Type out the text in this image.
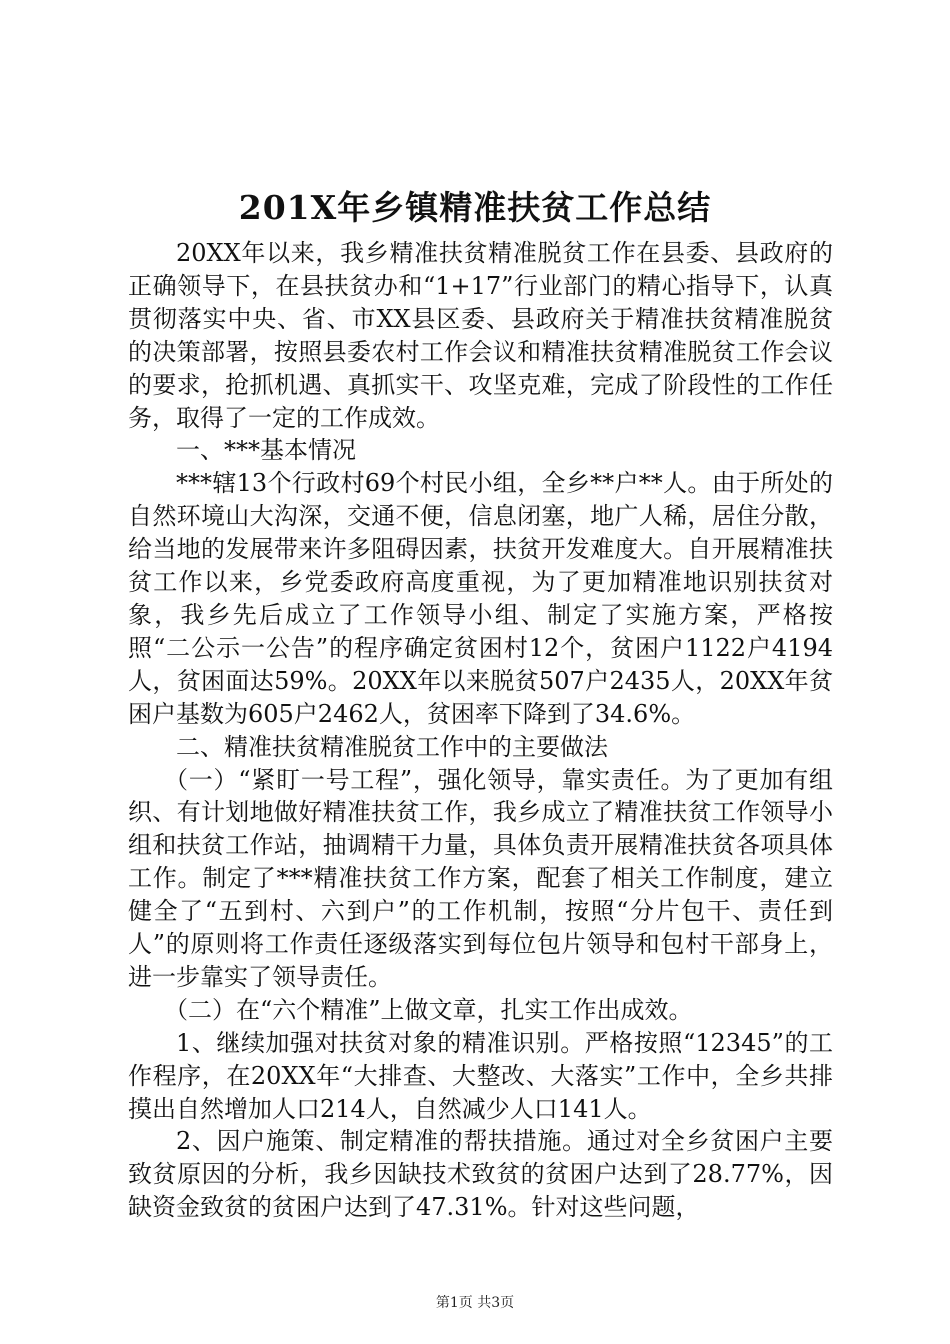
201X年乡镇精准扶贫工作总结

20XX年以来，我乡精准扶贫精准脱贫工作在县委、县政府的正确领导下，在县扶贫办和“1+17”行业部门的精心指导下，认真贯彻落实中央、省、市XX县区委、县政府关于精准扶贫精准脱贫的决策部署，按照县委农村工作会议和精准扶贫精准脱贫工作会议的要求，抢抓机遇、真抓实干、攻坚克难，完成了阶段性的工作任务，取得了一定的工作成效。

一、***基本情况

***辖13个行政村69个村民小组，全乡**户**人。由于所处的自然环境山大沟深，交通不便，信息闭塞，地广人稀，居住分散，给当地的发展带来许多阻碍因素，扶贫开发难度大。自开展精准扶贫工作以来，乡党委政府高度重视，为了更加精准地识别扶贫对象，我乡先后成立了工作领导小组、制定了实施方案，严格按照“二公示一公告”的程序确定贫困村12个，贫困户1122户4194人，贫困面达59%。20XX年以来脱贫507户2435人，20XX年贫困户基数为605户2462人，贫困率下降到了34.6%。

二、精准扶贫精准脱贫工作中的主要做法

（一）“紧盯一号工程”，强化领导，靠实责任。为了更加有组织、有计划地做好精准扶贫工作，我乡成立了精准扶贫工作领导小组和扶贫工作站，抽调精干力量，具体负责开展精准扶贫各项具体工作。制定了***精准扶贫工作方案，配套了相关工作制度，建立健全了“五到村、六到户”的工作机制，按照“分片包干、责任到人”的原则将工作责任逐级落实到每位包片领导和包村干部身上，进一步靠实了领导责任。

（二）在“六个精准”上做文章，扎实工作出成效。

1、继续加强对扶贫对象的精准识别。严格按照“12345”的工作程序，在20XX年“大排查、大整改、大落实”工作中，全乡共排摸出自然增加人口214人，自然减少人口141人。

2、因户施策、制定精准的帮扶措施。通过对全乡贫困户主要致贫原因的分析，我乡因缺技术致贫的贫困户达到了28.77%，因缺资金致贫的贫困户达到了47.31%。针对这些问题，

第1页 共3页
